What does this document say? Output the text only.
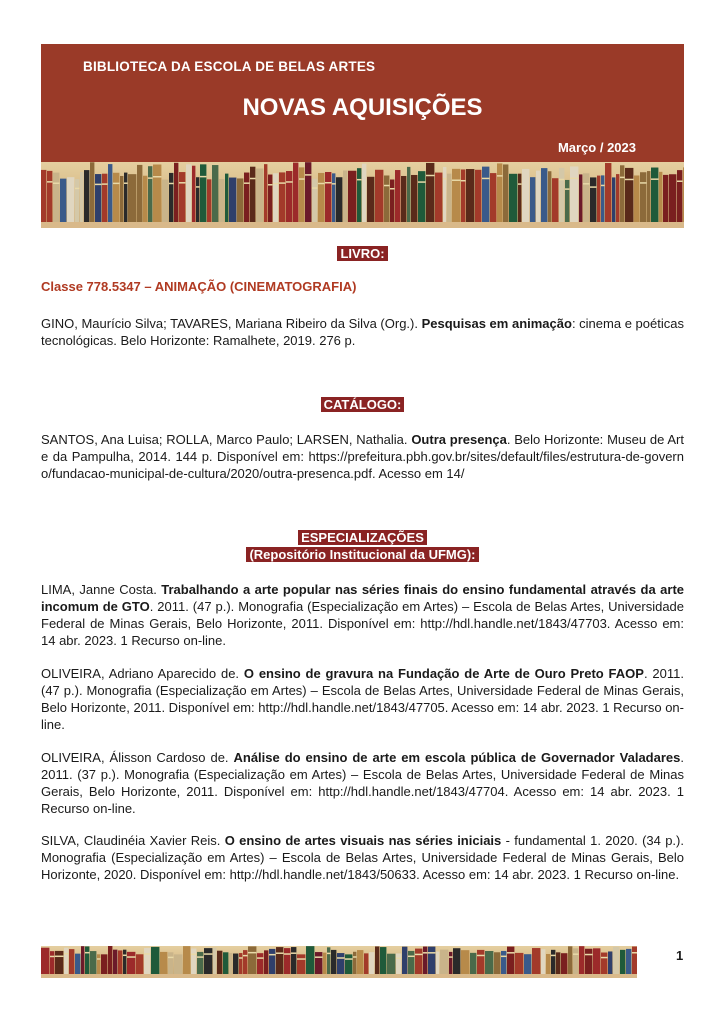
BIBLIOTECA DA ESCOLA DE BELAS ARTES
NOVAS AQUISIÇÕES
Março / 2023
LIVRO:
Classe 778.5347 – ANIMAÇÃO (CINEMATOGRAFIA)
GINO, Maurício Silva; TAVARES, Mariana Ribeiro da Silva (Org.). Pesquisas em animação: cinema e poéticas tecnológicas. Belo Horizonte: Ramalhete, 2019. 276 p.
CATÁLOGO:
SANTOS, Ana Luisa; ROLLA, Marco Paulo; LARSEN, Nathalia. Outra presença. Belo Horizonte: Museu de Arte da Pampulha, 2014. 144 p. Disponível em: https://prefeitura.pbh.gov.br/sites/default/files/estrutura-de-governo/fundacao-municipal-de-cultura/2020/outra-presenca.pdf. Acesso em 14/
ESPECIALIZAÇÕES
(Repositório Institucional da UFMG):
LIMA, Janne Costa. Trabalhando a arte popular nas séries finais do ensino fundamental através da arte incomum de GTO. 2011. (47 p.). Monografia (Especialização em Artes) – Escola de Belas Artes, Universidade Federal de Minas Gerais, Belo Horizonte, 2011. Disponível em: http://hdl.handle.net/1843/47703. Acesso em: 14 abr. 2023. 1 Recurso on-line.
OLIVEIRA, Adriano Aparecido de. O ensino de gravura na Fundação de Arte de Ouro Preto FAOP. 2011. (47 p.). Monografia (Especialização em Artes) – Escola de Belas Artes, Universidade Federal de Minas Gerais, Belo Horizonte, 2011. Disponível em: http://hdl.handle.net/1843/47705. Acesso em: 14 abr. 2023. 1 Recurso on-line.
OLIVEIRA, Álisson Cardoso de. Análise do ensino de arte em escola pública de Governador Valadares. 2011. (37 p.). Monografia (Especialização em Artes) – Escola de Belas Artes, Universidade Federal de Minas Gerais, Belo Horizonte, 2011. Disponível em: http://hdl.handle.net/1843/47704. Acesso em: 14 abr. 2023. 1 Recurso on-line.
SILVA, Claudinéia Xavier Reis. O ensino de artes visuais nas séries iniciais - fundamental 1. 2020. (34 p.). Monografia (Especialização em Artes) – Escola de Belas Artes, Universidade Federal de Minas Gerais, Belo Horizonte, 2020. Disponível em: http://hdl.handle.net/1843/50633. Acesso em: 14 abr. 2023. 1 Recurso on-line.
1
